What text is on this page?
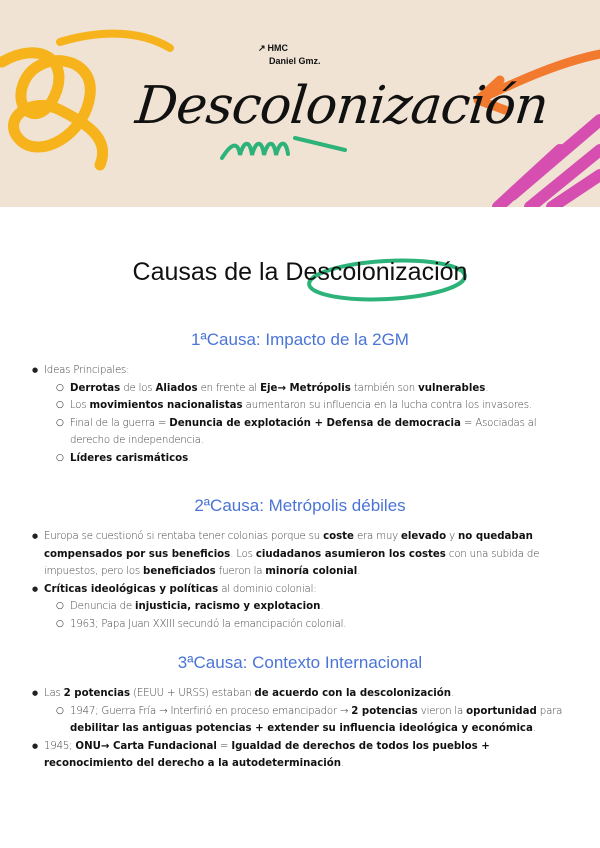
↗ HMC
Daniel Gmz.
Descolonización
Causas de la Descolonización
1ªCausa: Impacto de la 2GM
● Ideas Principales:
○ Derrotas de los Aliados en frente al Eje→ Metrópolis también son vulnerables.
○ Los movimientos nacionalistas aumentaron su influencia en la lucha contra los invasores.
○ Final de la guerra = Denuncia de explotación + Defensa de democracia = Asociadas al derecho de independencia.
○ Líderes carismáticos.
2ªCausa: Metrópolis débiles
● Europa se cuestionó si rentaba tener colonias porque su coste era muy elevado y no quedaban compensados por sus beneficios. Los ciudadanos asumieron los costes con una subida de impuestos, pero los beneficiados fueron la minoría colonial.
● Críticas ideológicas y políticas al dominio colonial:
○ Denuncia de injusticia, racismo y explotacion.
○ 1963; Papa Juan XXIII secundó la emancipación colonial.
3ªCausa: Contexto Internacional
● Las 2 potencias (EEUU + URSS) estaban de acuerdo con la descolonización.
○ 1947; Guerra Fría → Interfirió en proceso emancipador → 2 potencias vieron la oportunidad para debilitar las antiguas potencias + extender su influencia ideológica y económica.
● 1945; ONU→ Carta Fundacional = Igualdad de derechos de todos los pueblos + reconocimiento del derecho a la autodeterminación.
